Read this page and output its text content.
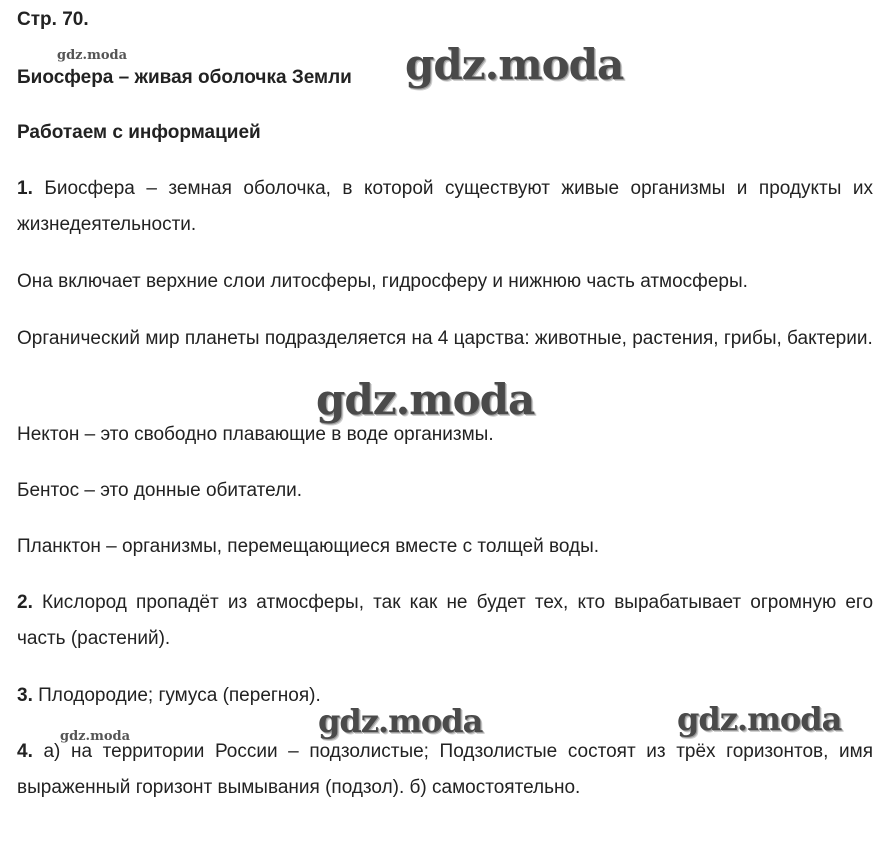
Стр. 70.
Биосфера – живая оболочка Земли
Работаем с информацией

1. Биосфера – земная оболочка, в которой существуют живые организмы и продукты их жизнедеятельности.

Она включает верхние слои литосферы, гидросферу и нижнюю часть атмосферы.

Органический мир планеты подразделяется на 4 царства: животные, растения, грибы, бактерии.

Нектон – это свободно плавающие в воде организмы.
Бентос – это донные обитатели.
Планктон – организмы, перемещающиеся вместе с толщей воды.

2. Кислород пропадёт из атмосферы, так как не будет тех, кто вырабатывает огромную его часть (растений).

3. Плодородие; гумуса (перегноя).

4. а) на территории России – подзолистые; Подзолистые состоят из трёх горизонтов, имя выраженный горизонт вымывания (подзол). б) самостоятельно.

gdz.moda	gdz.moda
gdz.moda
gdz.moda	gdz.moda	gdz.moda
